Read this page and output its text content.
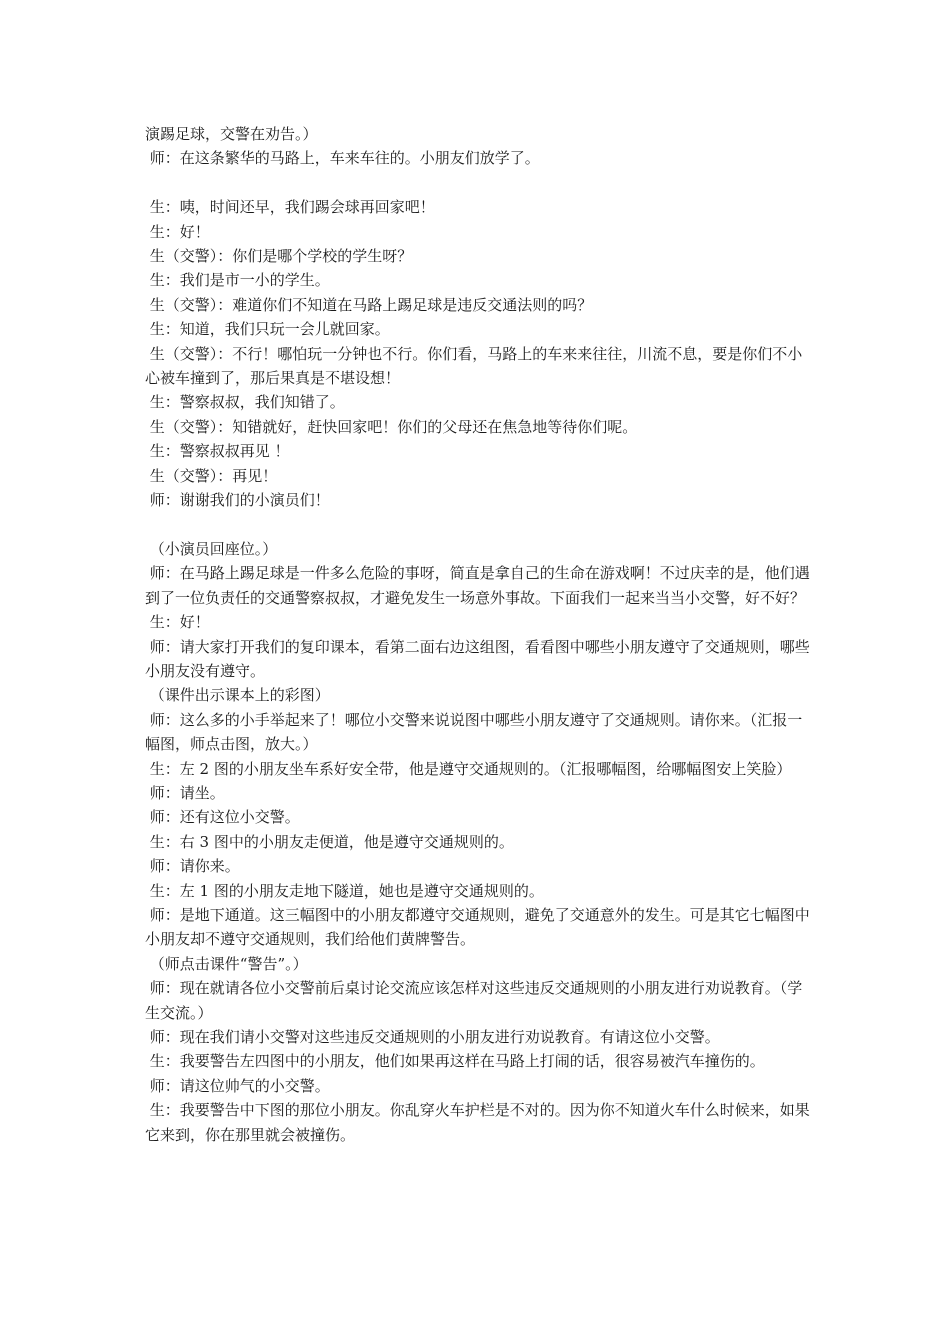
演踢足球，交警在劝告。）

师：在这条繁华的马路上，车来车往的。小朋友们放学了。

生：咦，时间还早，我们踢会球再回家吧！

生：好！

生（交警）：你们是哪个学校的学生呀？

生：我们是市一小的学生。

生（交警）：难道你们不知道在马路上踢足球是违反交通法则的吗？

生：知道，我们只玩一会儿就回家。

生（交警）：不行！哪怕玩一分钟也不行。你们看，马路上的车来来往往，川流不息，要是你们不小心被车撞到了，那后果真是不堪设想！

生：警察叔叔，我们知错了。

生（交警）：知错就好，赶快回家吧！你们的父母还在焦急地等待你们呢。

生：警察叔叔再见 ！

生（交警）：再见！

师：谢谢我们的小演员们！

（小演员回座位。）

师：在马路上踢足球是一件多么危险的事呀，简直是拿自己的生命在游戏啊！不过庆幸的是，他们遇到了一位负责任的交通警察叔叔，才避免发生一场意外事故。下面我们一起来当当小交警，好不好？

生：好！

师：请大家打开我们的复印课本，看第二面右边这组图，看看图中哪些小朋友遵守了交通规则，哪些小朋友没有遵守。

（课件出示课本上的彩图）

师：这么多的小手举起来了！哪位小交警来说说图中哪些小朋友遵守了交通规则。请你来。（汇报一幅图，师点击图，放大。）

生：左 2 图的小朋友坐车系好安全带，他是遵守交通规则的。（汇报哪幅图，给哪幅图安上笑脸）

师：请坐。

师：还有这位小交警。

生：右 3 图中的小朋友走便道，他是遵守交通规则的。

师：请你来。

生：左 1 图的小朋友走地下隧道，她也是遵守交通规则的。

师：是地下通道。这三幅图中的小朋友都遵守交通规则，避免了交通意外的发生。可是其它七幅图中小朋友却不遵守交通规则，我们给他们黄牌警告。

（师点击课件“警告”。）

师：现在就请各位小交警前后桌讨论交流应该怎样对这些违反交通规则的小朋友进行劝说教育。（学生交流。）

师：现在我们请小交警对这些违反交通规则的小朋友进行劝说教育。有请这位小交警。

生：我要警告左四图中的小朋友，他们如果再这样在马路上打闹的话，很容易被汽车撞伤的。

师：请这位帅气的小交警。

生：我要警告中下图的那位小朋友。你乱穿火车护栏是不对的。因为你不知道火车什么时候来，如果它来到，你在那里就会被撞伤。
